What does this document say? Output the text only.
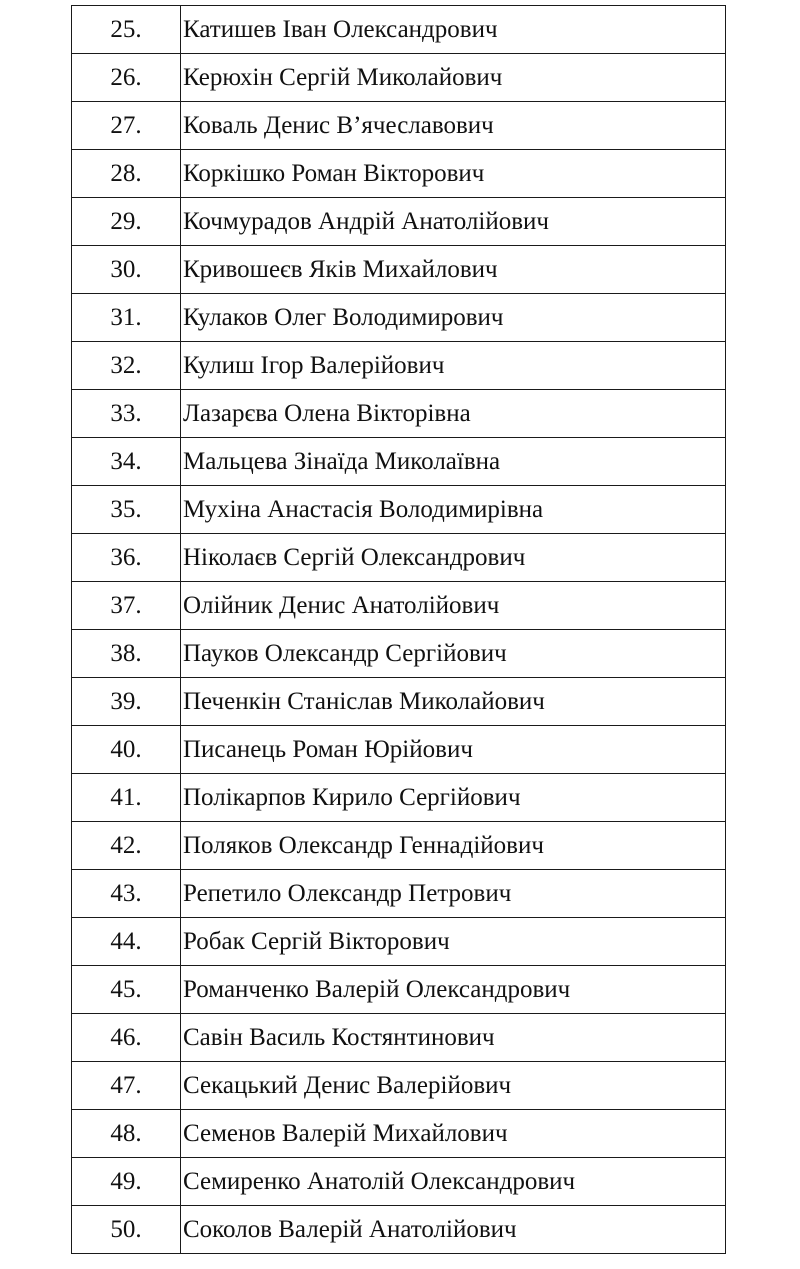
25.	Катишев Іван Олександрович
26.	Керюхін Сергій Миколайович
27.	Коваль Денис В’ячеславович
28.	Коркішко Роман Вікторович
29.	Кочмурадов Андрій Анатолійович
30.	Кривошеєв Яків Михайлович
31.	Кулаков Олег Володимирович
32.	Кулиш Ігор Валерійович
33.	Лазарєва Олена Вікторівна
34.	Мальцева Зінаїда Миколаївна
35.	Мухіна Анастасія Володимирівна
36.	Ніколаєв Сергій Олександрович
37.	Олійник Денис Анатолійович
38.	Пауков Олександр Сергійович
39.	Печенкін Станіслав Миколайович
40.	Писанець Роман Юрійович
41.	Полікарпов Кирило Сергійович
42.	Поляков Олександр Геннадійович
43.	Репетило Олександр Петрович
44.	Робак Сергій Вікторович
45.	Романченко Валерій Олександрович
46.	Савін Василь Костянтинович
47.	Секацький Денис Валерійович
48.	Семенов Валерій Михайлович
49.	Семиренко Анатолій Олександрович
50.	Соколов Валерій Анатолійович
